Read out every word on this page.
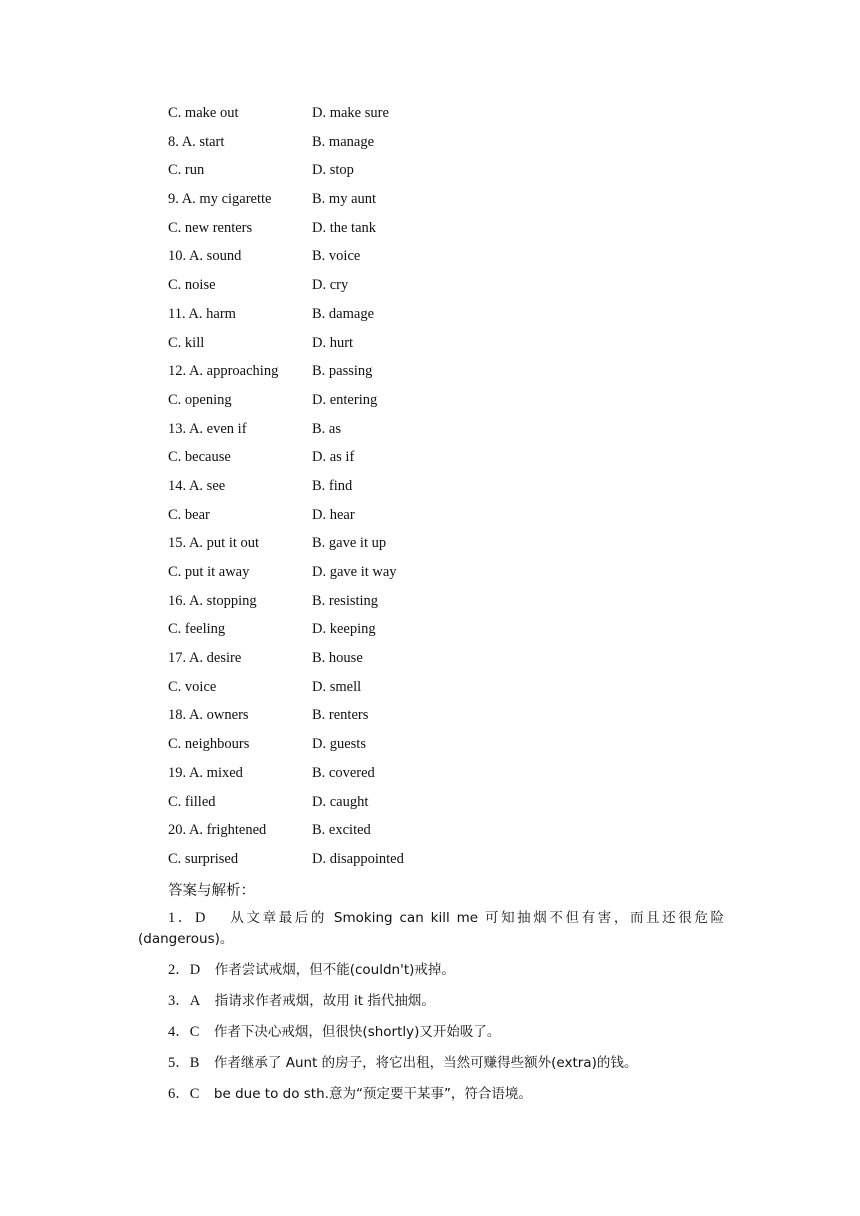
C. make out	D. make sure
8. A. start	B. manage
C. run	D. stop
9. A. my cigarette	B. my aunt
C. new renters	D. the tank
10. A. sound	B. voice
C. noise	D. cry
11. A. harm	B. damage
C. kill	D. hurt
12. A. approaching B. passing
C. opening	D. entering
13. A. even if	B. as
C. because	D. as if
14. A. see	B. find
C. bear	D. hear
15. A. put it out	B. gave it up
C. put it away	D. gave it way
16. A. stopping	B. resisting
C. feeling	D. keeping
17. A. desire	B. house
C. voice	D. smell
18. A. owners	B. renters
C. neighbours	D. guests
19. A. mixed	B. covered
C. filled	D. caught
20. A. frightened	B. excited
C. surprised	D. disappointed
答案与解析：
1．D 从文章最后的 Smoking can kill me 可知抽烟不但有害，而且还很危险
(dangerous)。
2．D 作者尝试戒烟，但不能(couldn't)戒掉。
3．A 指请求作者戒烟，故用 it 指代抽烟。
4．C 作者下决心戒烟，但很快(shortly)又开始吸了。
5．B 作者继承了 Aunt 的房子，将它出租，当然可赚得些额外(extra)的钱。
6．C be due to do sth.意为“预定要干某事”，符合语境。
